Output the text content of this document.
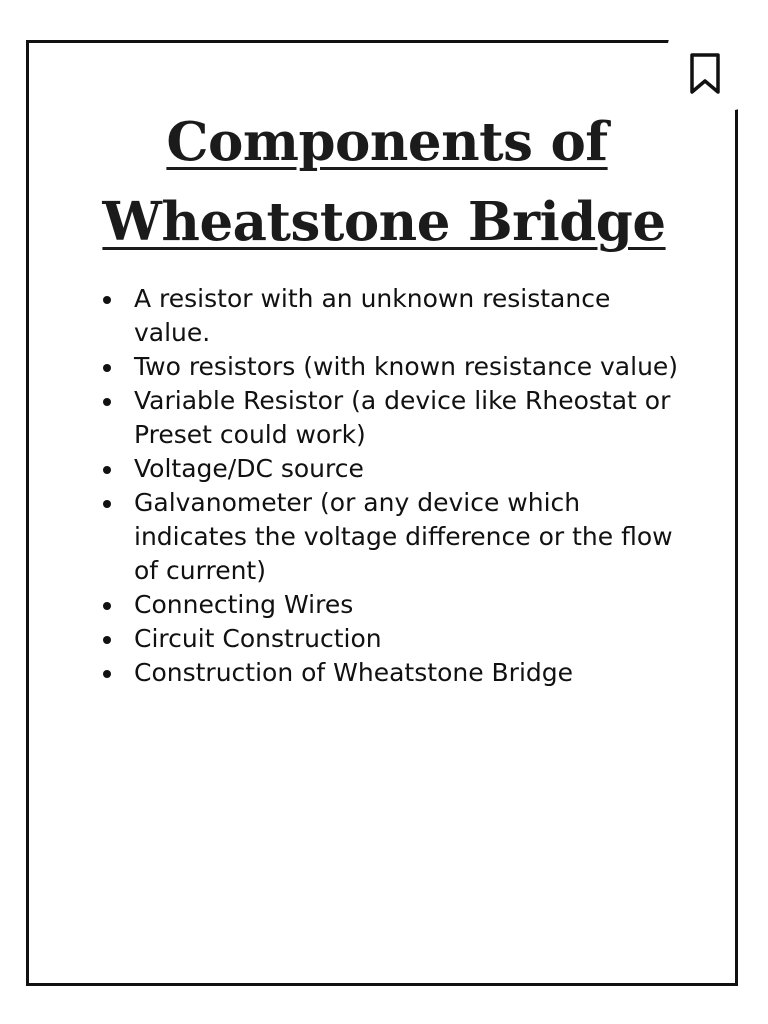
Components of
Wheatstone Bridge
A resistor with an unknown resistance value.
Two resistors (with known resistance value)
Variable Resistor (a device like Rheostat or Preset could work)
Voltage/DC source
Galvanometer (or any device which indicates the voltage difference or the flow of current)
Connecting Wires
Circuit Construction
Construction of Wheatstone Bridge
